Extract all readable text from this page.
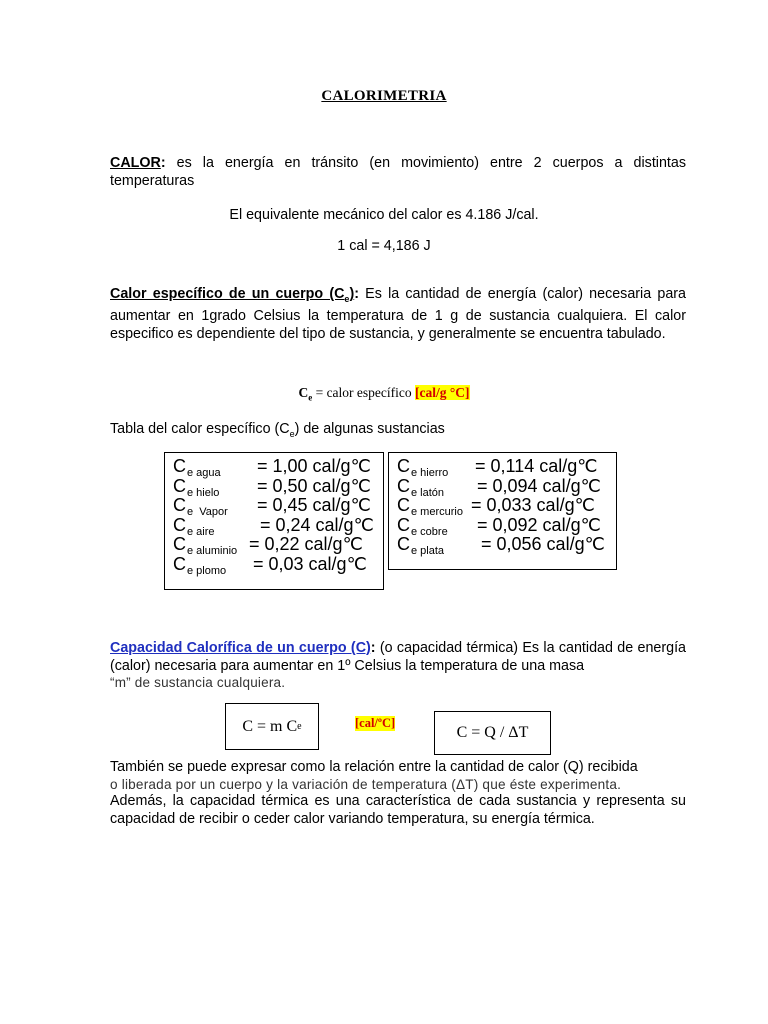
CALORIMETRIA
CALOR: es la energía en tránsito (en movimiento) entre 2 cuerpos a distintas temperaturas
El equivalente mecánico del calor es 4.186 J/cal.
1 cal = 4,186 J
Calor específico de un cuerpo $(C_e)$: Es la cantidad de energía (calor) necesaria para aumentar en 1grado Celsius la temperatura de 1 g de sustancia cualquiera. El calor especifico es dependiente del tipo de sustancia, y generalmente se encuentra tabulado.
$C_e$ = calor específico [cal/g °C]
Tabla del calor específico $(C_e)$ de algunas sustancias
C e agua = 1,00 cal/g℃
C e hielo = 0,50 cal/g℃
C e  Vapor = 0,45 cal/g℃
C e aire	= 0,24 cal/g℃
C e aluminio = 0,22 cal/g℃
C e plomo = 0,03 cal/g℃
C e hierro = 0,114 cal/g℃
C e latón = 0,094 cal/g℃
C e mercurio = 0,033 cal/g℃
C e cobre = 0,092 cal/g℃
C e plata = 0,056 cal/g℃
Capacidad Calorífica de un cuerpo (C): (o capacidad térmica) Es la cantidad de energía (calor) necesaria para aumentar en 1º Celsius la temperatura de una masa
“m” de sustancia cualquiera.
C = m C e	[cal/ºC]
C = Q / ΔT
También se puede expresar como la relación entre la cantidad de calor (Q) recibida
o liberada por un cuerpo y la variación de temperatura (ΔT) que éste experimenta.
Además, la capacidad térmica es una característica de cada sustancia y representa su capacidad de recibir o ceder calor variando temperatura, su energía térmica.
